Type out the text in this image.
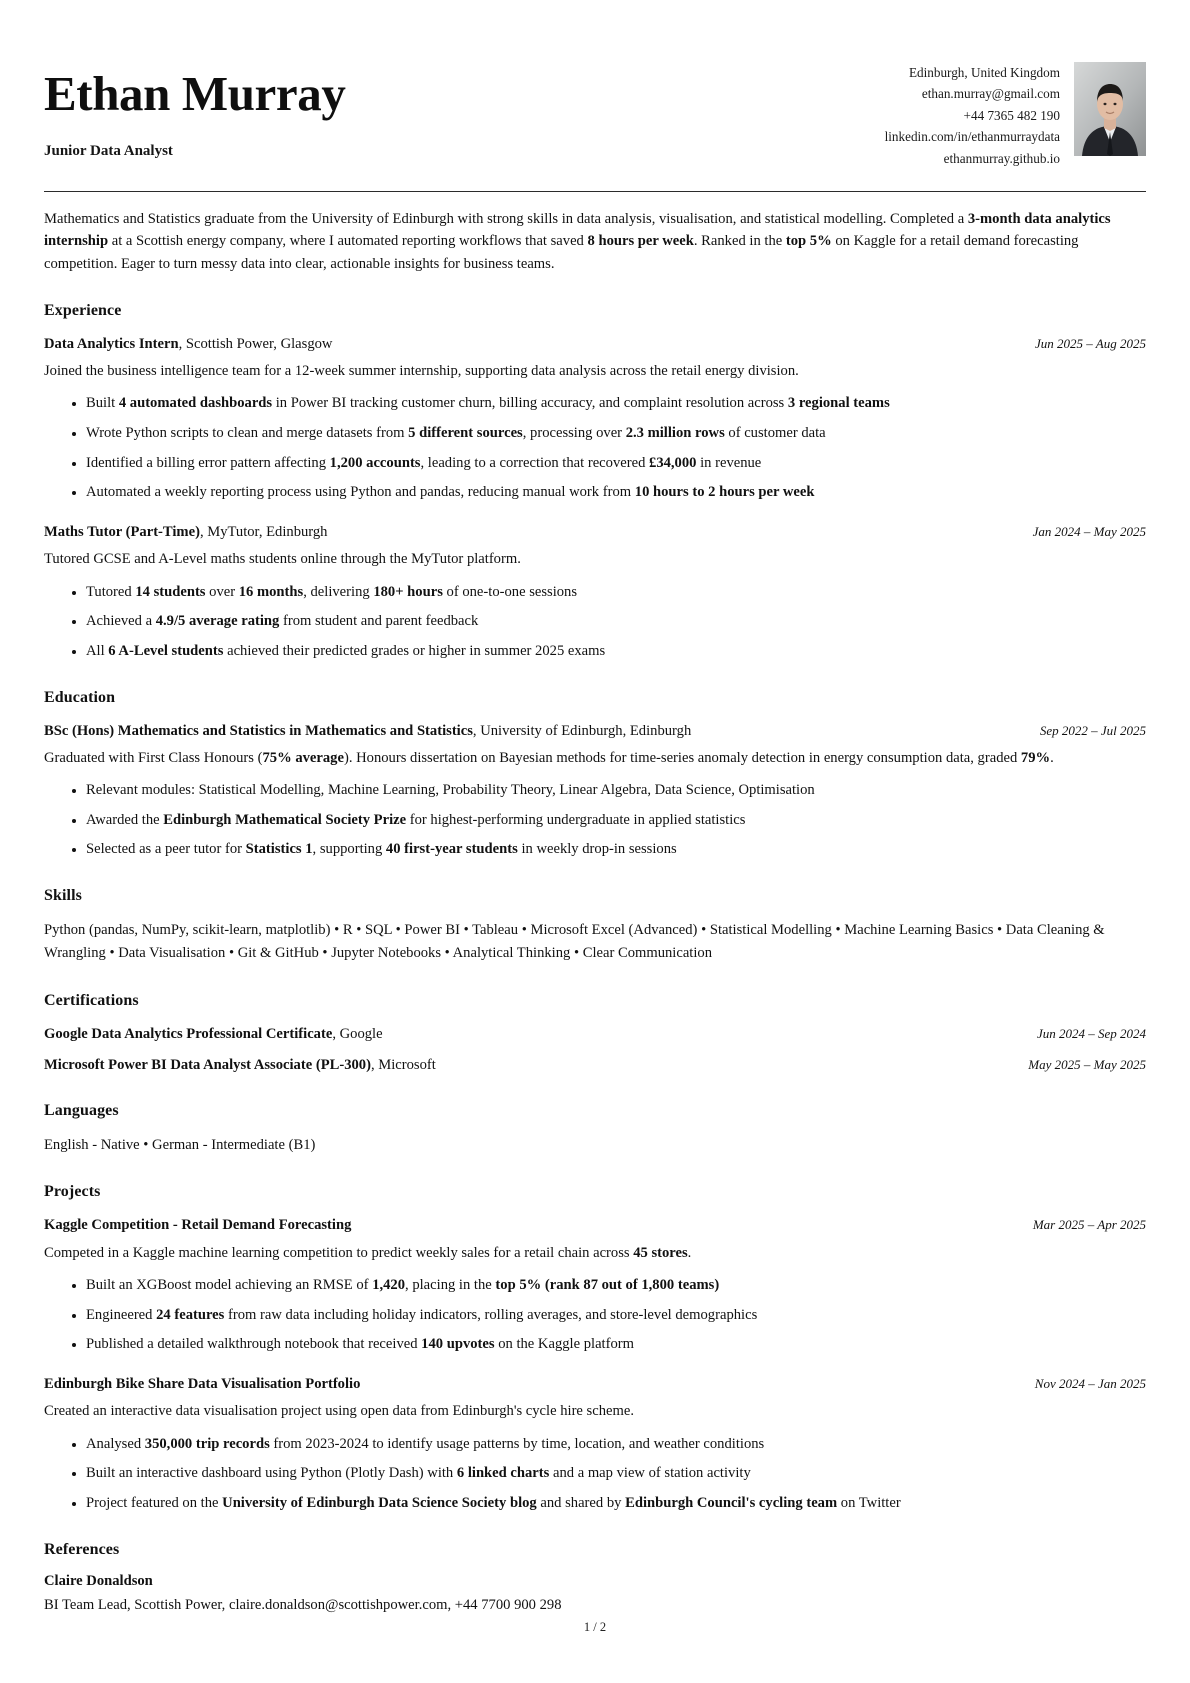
Ethan Murray
Junior Data Analyst
Edinburgh, United Kingdom
ethan.murray@gmail.com
+44 7365 482 190
linkedin.com/in/ethanmurraydata
ethanmurray.github.io
Mathematics and Statistics graduate from the University of Edinburgh with strong skills in data analysis, visualisation, and statistical modelling. Completed a 3-month data analytics internship at a Scottish energy company, where I automated reporting workflows that saved 8 hours per week. Ranked in the top 5% on Kaggle for a retail demand forecasting competition. Eager to turn messy data into clear, actionable insights for business teams.
Experience
Data Analytics Intern, Scottish Power, Glasgow	Jun 2025 – Aug 2025
Joined the business intelligence team for a 12-week summer internship, supporting data analysis across the retail energy division.
• Built 4 automated dashboards in Power BI tracking customer churn, billing accuracy, and complaint resolution across 3 regional teams
• Wrote Python scripts to clean and merge datasets from 5 different sources, processing over 2.3 million rows of customer data
• Identified a billing error pattern affecting 1,200 accounts, leading to a correction that recovered £34,000 in revenue
• Automated a weekly reporting process using Python and pandas, reducing manual work from 10 hours to 2 hours per week
Maths Tutor (Part-Time), MyTutor, Edinburgh	Jan 2024 – May 2025
Tutored GCSE and A-Level maths students online through the MyTutor platform.
• Tutored 14 students over 16 months, delivering 180+ hours of one-to-one sessions
• Achieved a 4.9/5 average rating from student and parent feedback
• All 6 A-Level students achieved their predicted grades or higher in summer 2025 exams
Education
BSc (Hons) Mathematics and Statistics in Mathematics and Statistics, University of Edinburgh, Edinburgh	Sep 2022 – Jul 2025
Graduated with First Class Honours (75% average). Honours dissertation on Bayesian methods for time-series anomaly detection in energy consumption data, graded 79%.
• Relevant modules: Statistical Modelling, Machine Learning, Probability Theory, Linear Algebra, Data Science, Optimisation
• Awarded the Edinburgh Mathematical Society Prize for highest-performing undergraduate in applied statistics
• Selected as a peer tutor for Statistics 1, supporting 40 first-year students in weekly drop-in sessions
Skills
Python (pandas, NumPy, scikit-learn, matplotlib) • R • SQL • Power BI • Tableau • Microsoft Excel (Advanced) • Statistical Modelling • Machine Learning Basics • Data Cleaning & Wrangling • Data Visualisation • Git & GitHub • Jupyter Notebooks • Analytical Thinking • Clear Communication
Certifications
Google Data Analytics Professional Certificate, Google	Jun 2024 – Sep 2024
Microsoft Power BI Data Analyst Associate (PL-300), Microsoft	May 2025 – May 2025
Languages
English - Native • German - Intermediate (B1)
Projects
Kaggle Competition - Retail Demand Forecasting	Mar 2025 – Apr 2025
Competed in a Kaggle machine learning competition to predict weekly sales for a retail chain across 45 stores.
• Built an XGBoost model achieving an RMSE of 1,420, placing in the top 5% (rank 87 out of 1,800 teams)
• Engineered 24 features from raw data including holiday indicators, rolling averages, and store-level demographics
• Published a detailed walkthrough notebook that received 140 upvotes on the Kaggle platform
Edinburgh Bike Share Data Visualisation Portfolio	Nov 2024 – Jan 2025
Created an interactive data visualisation project using open data from Edinburgh's cycle hire scheme.
• Analysed 350,000 trip records from 2023-2024 to identify usage patterns by time, location, and weather conditions
• Built an interactive dashboard using Python (Plotly Dash) with 6 linked charts and a map view of station activity
• Project featured on the University of Edinburgh Data Science Society blog and shared by Edinburgh Council's cycling team on Twitter
References
Claire Donaldson
BI Team Lead, Scottish Power, claire.donaldson@scottishpower.com, +44 7700 900 298
1 / 2
